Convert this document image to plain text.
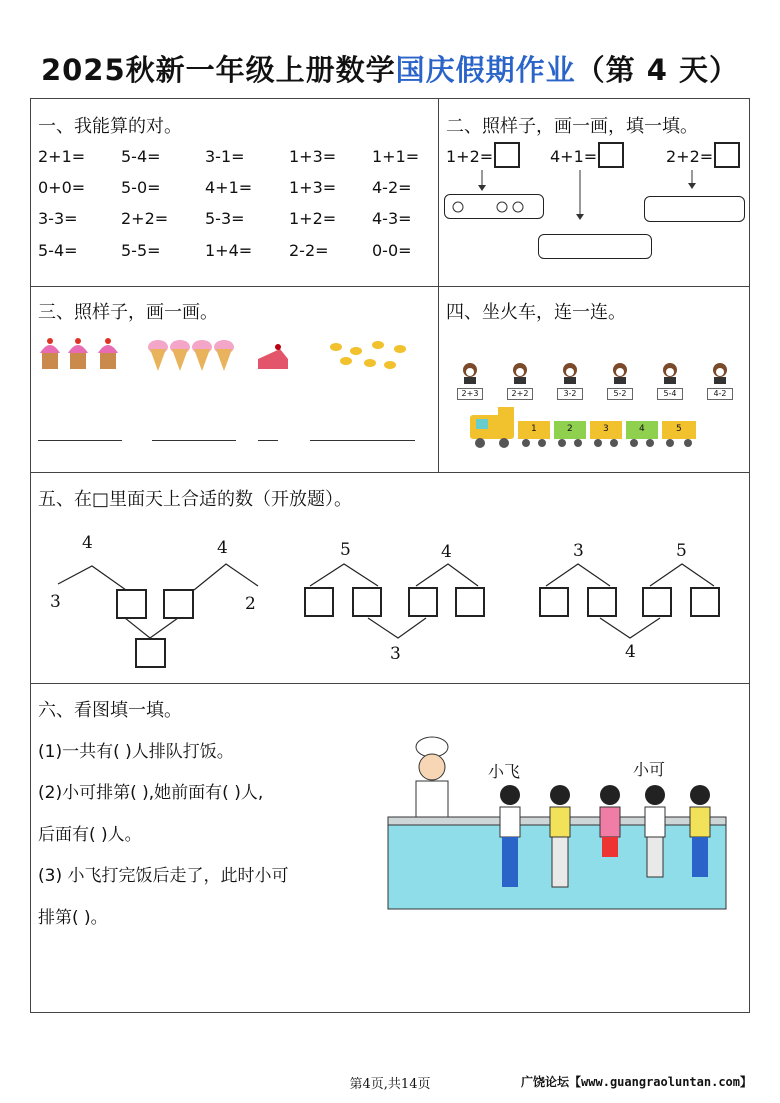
2025秋新一年级上册数学国庆假期作业（第 4 天）
一、我能算的对。
2+1= 5-4=	3-1=	1+3= 1+1=
0+0= 5-0=	4+1= 1+3= 4-2=
3-3=	2+2= 5-3=	1+2= 4-3=
5-4=	5-5=	1+4= 2-2=	0-0=
二、照样子，画一画，填一填。
1+2=	4+1=	2+2=
三、照样子，画一画。	四、坐火车，连一连。
2+3	2+2	3-2	5-2	5-4	4-2
1	2	3	4	5
五、在□里面天上合适的数（开放题）。
4	4
3	2
5	4
3
3	5
4
六、看图填一填。
(1)一共有( )人排队打饭。
(2)小可排第( ),她前面有( )人,
后面有( )人。
(3) 小飞打完饭后走了，此时小可
排第( )。
小飞	小可
第4页,共14页	广饶论坛【www.guangraoluntan.com】
